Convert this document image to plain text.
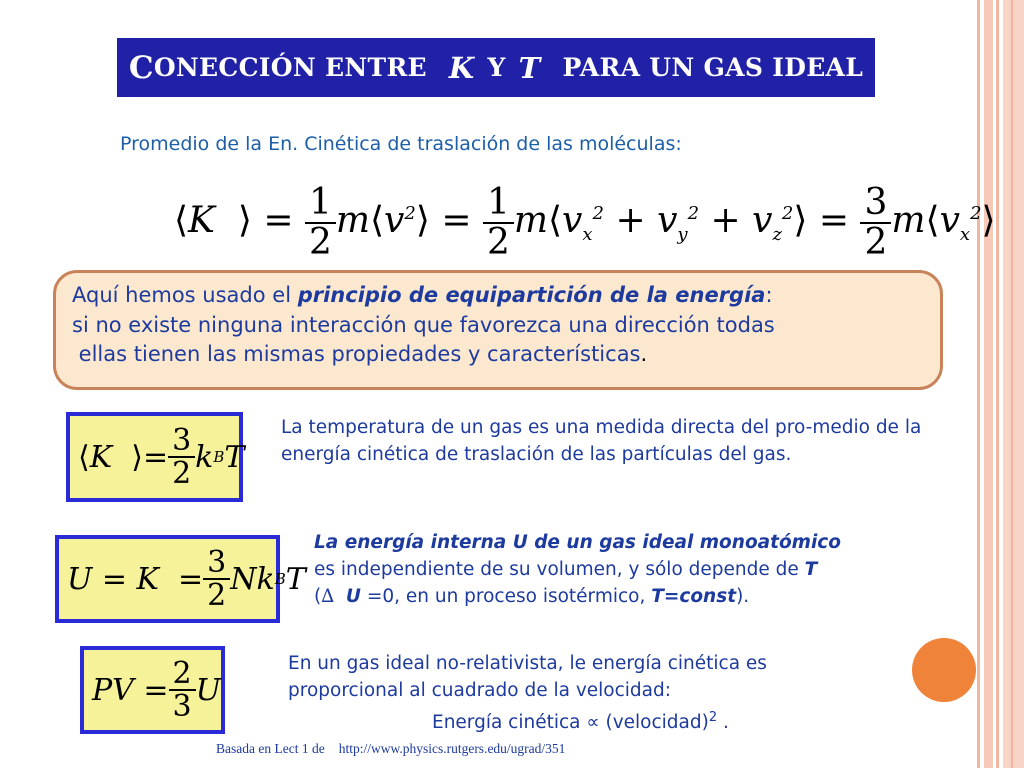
C ONECCIÓN ENTRE
K
Y
T
PARA UN GAS IDEAL
Promedio de la En. Cinética de traslación de las moléculas:
⟨K ⟩ = $\frac{1}{2}$ $m⟨v^2⟩ = \frac{1}{2}$ $m⟨v_x^2 + v_y^2$ + $v_z^2⟩ = \frac{3}{2}$ $m⟨v_x^2⟩$
Aquí hemos usado el principio de equipartición de la energía:
si no existe ninguna interacción que favorezca una dirección todas
ellas tienen las mismas propiedades y características.
⟨ K
⟩ = $\frac{3}{2}$ k B T
La temperatura de un gas es una medida directa del pro-medio de la energía cinética de traslación de las partículas del gas.
$U = K = \frac{3}{2}$ N k B T
La energía interna U de un gas ideal monoatómico
es independiente de su volumen, y sólo depende de T
(∆ U =0, en un proceso isotérmico, T=const).
PV = $\frac{2}{3}$ U
En un gas ideal no-relativista, le energía cinética es
proporcional al cuadrado de la velocidad:
Energía cinética ∝ (velocidad)$^2$ .
Basada en Lect 1 de http://www.physics.rutgers.edu/ugrad/351
